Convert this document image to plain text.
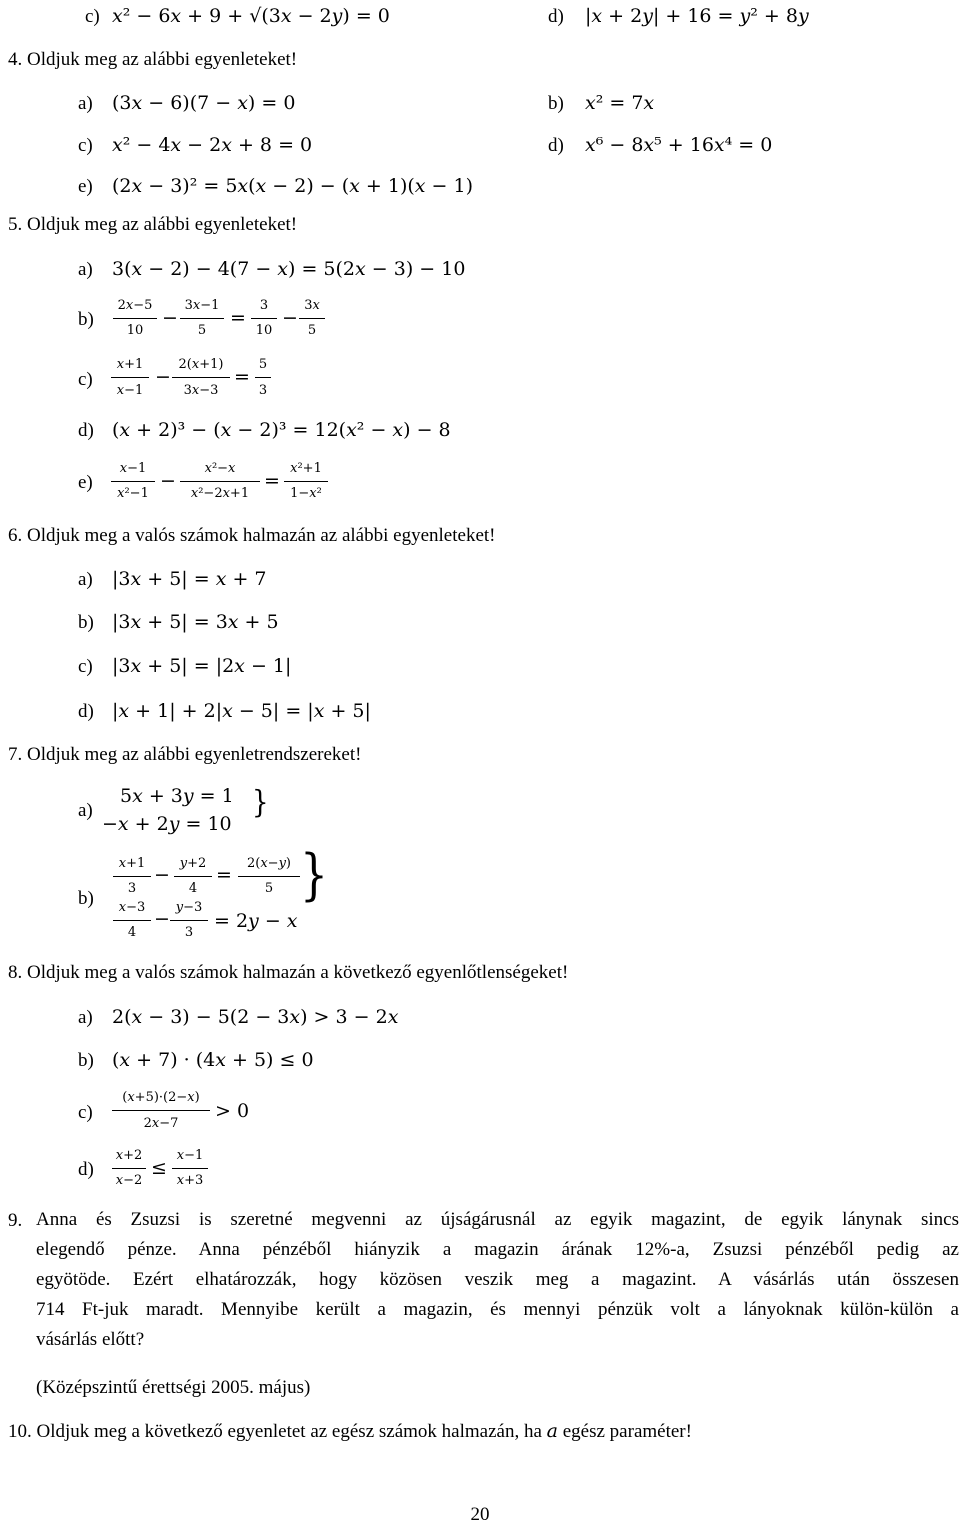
c) 𝑥² − 6𝑥 + 9 + √(3𝑥 − 2𝑦) = 0	d) |𝑥 + 2𝑦| + 16 = 𝑦² + 8𝑦
4. Oldjuk meg az alábbi egyenleteket!
a) (3𝑥 − 6)(7 − 𝑥) = 0	b) 𝑥² = 7𝑥
c) 𝑥² − 4𝑥 − 2𝑥 + 8 = 0	d) 𝑥⁶ − 8𝑥⁵ + 16𝑥⁴ = 0
e) (2𝑥 − 3)² = 5𝑥(𝑥 − 2) − (𝑥 + 1)(𝑥 − 1)
5. Oldjuk meg az alábbi egyenleteket!
a) 3(𝑥 − 2) − 4(7 − 𝑥) = 5(2𝑥 − 3) − 10
b)
2𝑥−5
10
−
3𝑥−1
5
=
3
10
−
3𝑥
5
c)
𝑥+1
𝑥−1
−
2(𝑥+1)
3𝑥−3
=
5
3
d) (𝑥 + 2)³ − (𝑥 − 2)³ = 12(𝑥² − 𝑥) − 8
e)
𝑥−1
𝑥²−1
−
𝑥²−𝑥
𝑥²−2𝑥+1
=
𝑥²+1
1−𝑥²
6. Oldjuk meg a valós számok halmazán az alábbi egyenleteket!
a) |3𝑥 + 5| = 𝑥 + 7
b) |3𝑥 + 5| = 3𝑥 + 5
c) |3𝑥 + 5| = |2𝑥 − 1|
d) |𝑥 + 1| + 2|𝑥 − 5| = |𝑥 + 5|
7. Oldjuk meg az alábbi egyenletrendszereket!
a)
5𝑥 + 3𝑦 = 1
−𝑥 + 2𝑦 = 10
}
b)
𝑥+1
3
−
𝑦+2
4
=
2(𝑥−𝑦)
5
𝑥−3
4
−
𝑦−3
3
= 2𝑦 − 𝑥
}
8. Oldjuk meg a valós számok halmazán a következő egyenlőtlenségeket!
a) 2(𝑥 − 3) − 5(2 − 3𝑥) > 3 − 2𝑥
b) (𝑥 + 7) · (4𝑥 + 5) ≤ 0
c)
(𝑥+5)·(2−𝑥)
2𝑥−7
> 0
d)
𝑥+2
𝑥−2
≤
𝑥−1
𝑥+3
9. Anna és Zsuzsi is szeretné megvenni az újságárusnál az egyik magazint, de egyik lánynak sincs
elegendő pénze. Anna pénzéből hiányzik a magazin árának 12%-a, Zsuzsi pénzéből pedig az
egyötöde. Ezért elhatározzák, hogy közösen veszik meg a magazint. A vásárlás után összesen
714 Ft-juk maradt. Mennyibe került a magazin, és mennyi pénzük volt a lányoknak külön-külön a
vásárlás előtt?
(Középszintű érettségi 2005. május)
10. Oldjuk meg a következő egyenletet az egész számok halmazán, ha 𝑎 egész paraméter!
20
